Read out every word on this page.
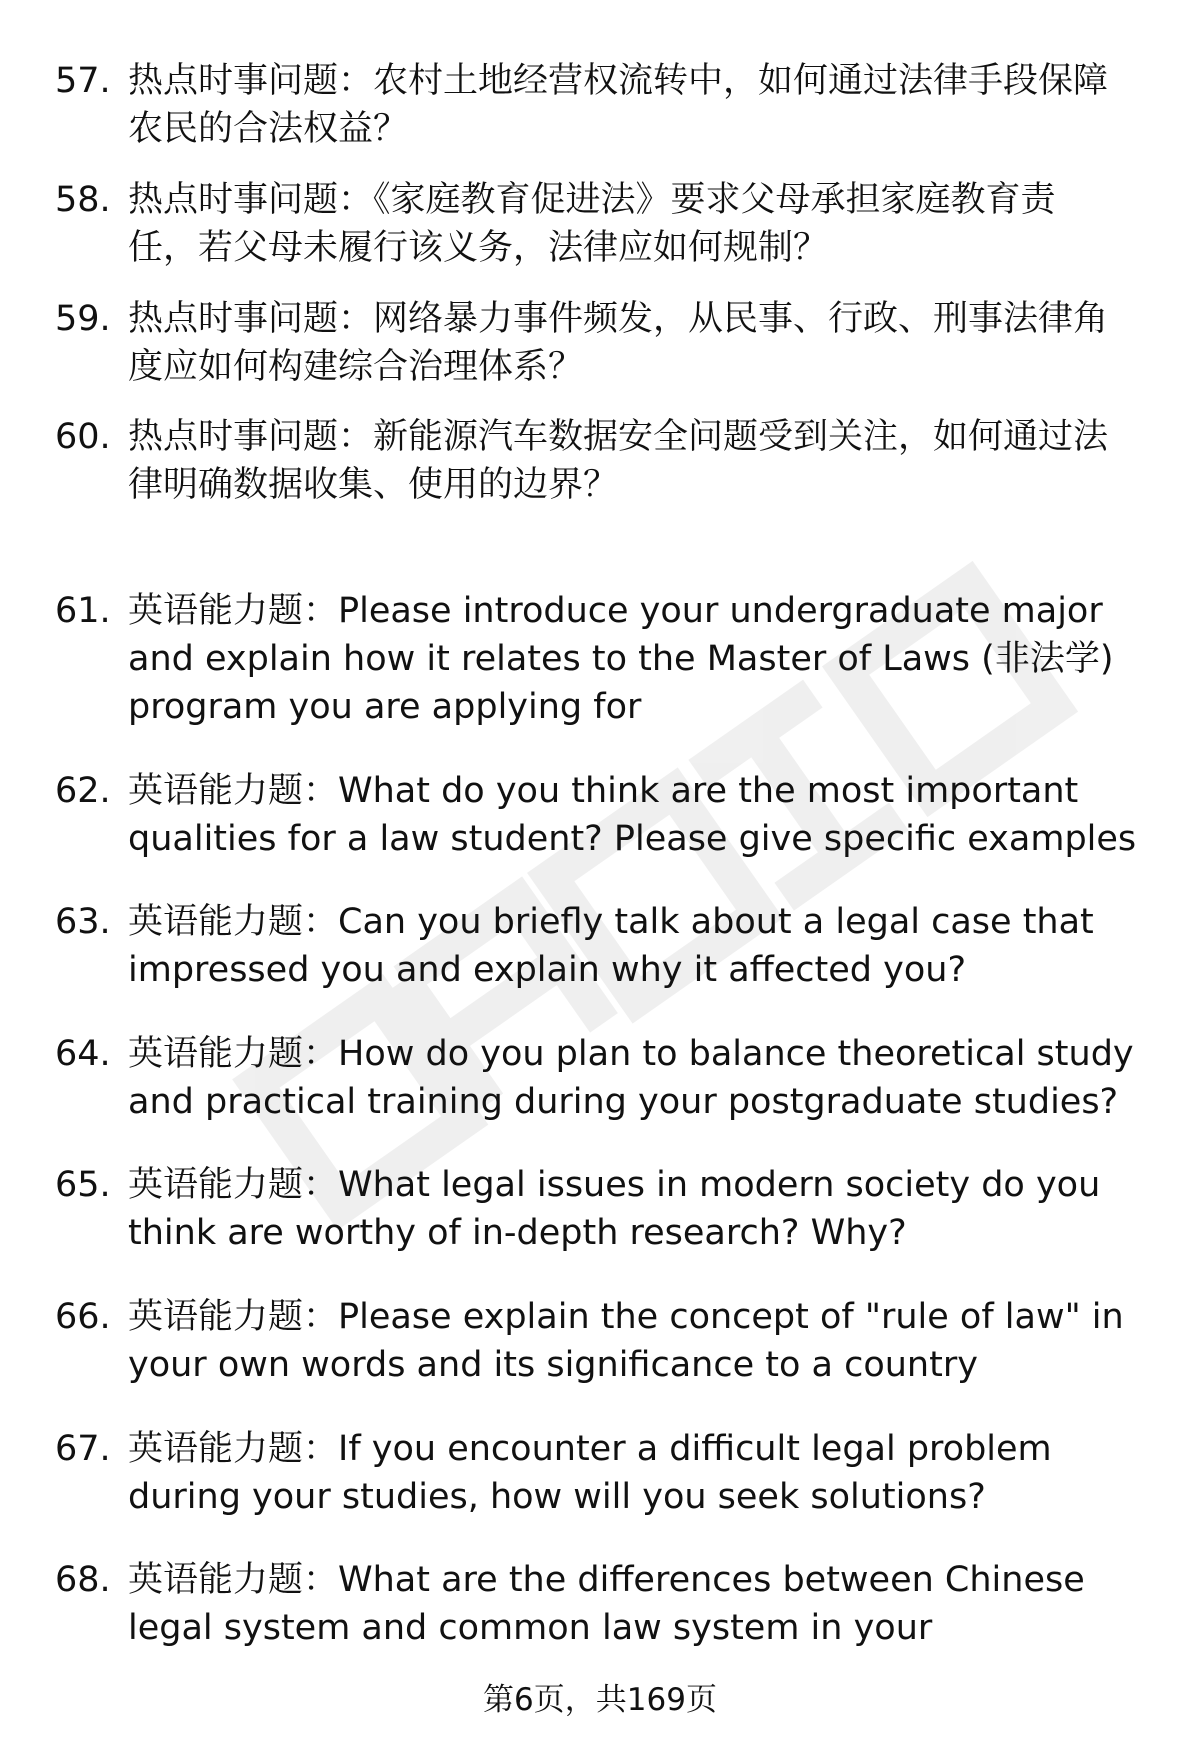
57. 热点时事问题：农村土地经营权流转中，如何通过法律手段保障
农民的合法权益？
58. 热点时事问题：《家庭教育促进法》要求父母承担家庭教育责
任，若父母未履行该义务，法律应如何规制？
59. 热点时事问题：网络暴力事件频发，从民事、行政、刑事法律角
度应如何构建综合治理体系？
60. 热点时事问题：新能源汽车数据安全问题受到关注，如何通过法
律明确数据收集、使用的边界？
61. 英语能力题：Please introduce your undergraduate major
and explain how it relates to the Master of Laws (非法学)
program you are applying for
62. 英语能力题：What do you think are the most important
qualities for a law student? Please give specific examples
63. 英语能力题：Can you briefly talk about a legal case that
impressed you and explain why it affected you?
64. 英语能力题：How do you plan to balance theoretical study
and practical training during your postgraduate studies?
65. 英语能力题：What legal issues in modern society do you
think are worthy of in-depth research? Why?
66. 英语能力题：Please explain the concept of "rule of law" in
your own words and its significance to a country
67. 英语能力题：If you encounter a difficult legal problem
during your studies, how will you seek solutions?
68. 英语能力题：What are the differences between Chinese
legal system and common law system in your
第6页，共169页
